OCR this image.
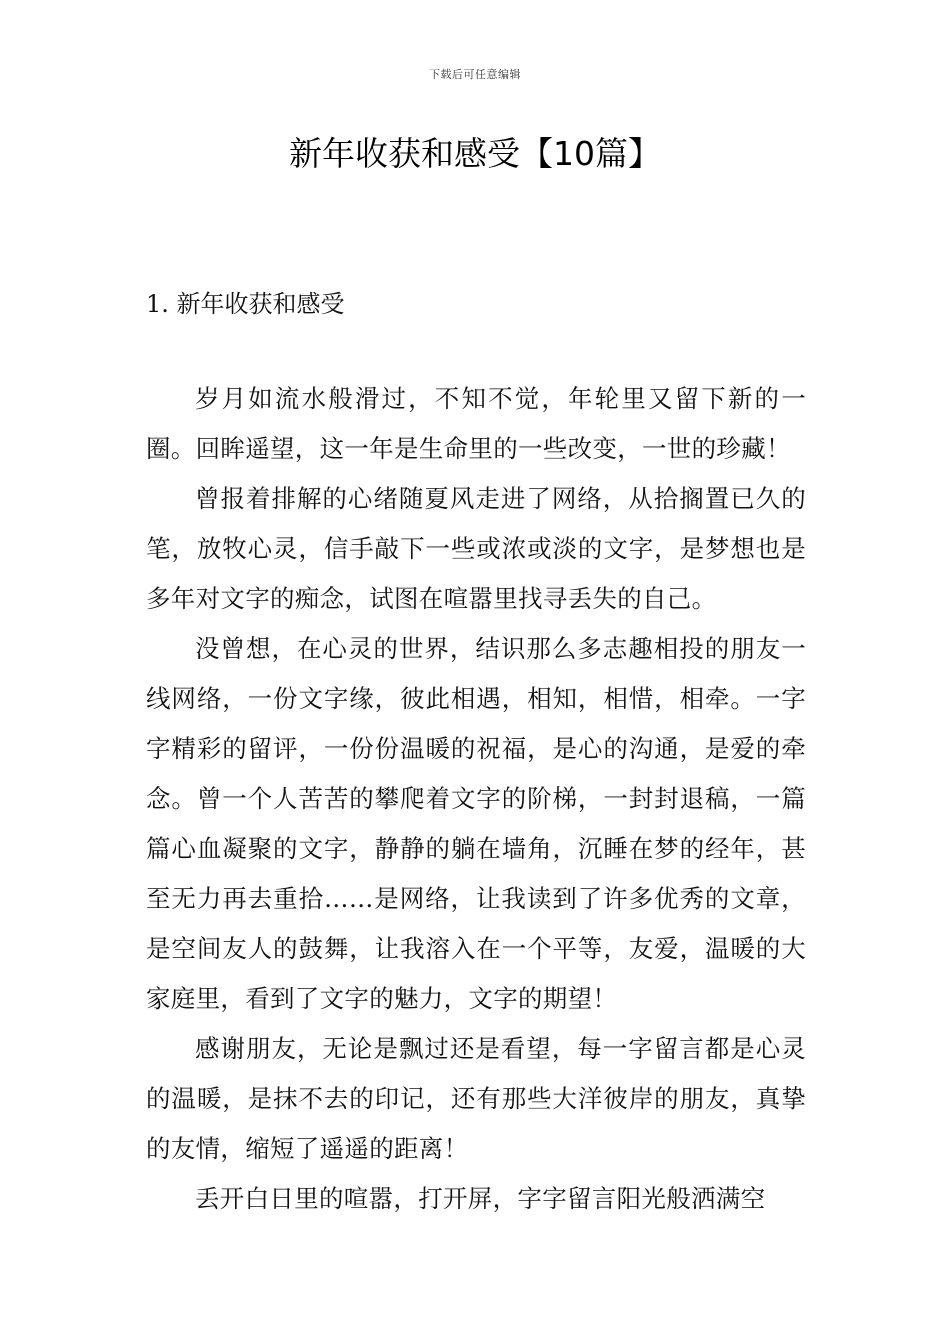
下载后可任意编辑
新年收获和感受【10篇】
1. 新年收获和感受

岁月如流水般滑过，不知不觉，年轮里又留下新的一圈。回眸遥望，这一年是生命里的一些改变，一世的珍藏！

曾报着排解的心绪随夏风走进了网络，从拾搁置已久的笔，放牧心灵，信手敲下一些或浓或淡的文字，是梦想也是多年对文字的痴念，试图在喧嚣里找寻丢失的自己。

没曾想，在心灵的世界，结识那么多志趣相投的朋友一线网络，一份文字缘，彼此相遇，相知，相惜，相牵。一字字精彩的留评，一份份温暖的祝福，是心的沟通，是爱的牵念。曾一个人苦苦的攀爬着文字的阶梯，一封封退稿，一篇篇心血凝聚的文字，静静的躺在墙角，沉睡在梦的经年，甚至无力再去重拾……是网络，让我读到了许多优秀的文章，是空间友人的鼓舞，让我溶入在一个平等，友爱，温暖的大家庭里，看到了文字的魅力，文字的期望！

感谢朋友，无论是飘过还是看望，每一字留言都是心灵的温暖，是抹不去的印记，还有那些大洋彼岸的朋友，真挚的友情，缩短了遥遥的距离！

丢开白日里的喧嚣，打开屏，字字留言阳光般洒满空
